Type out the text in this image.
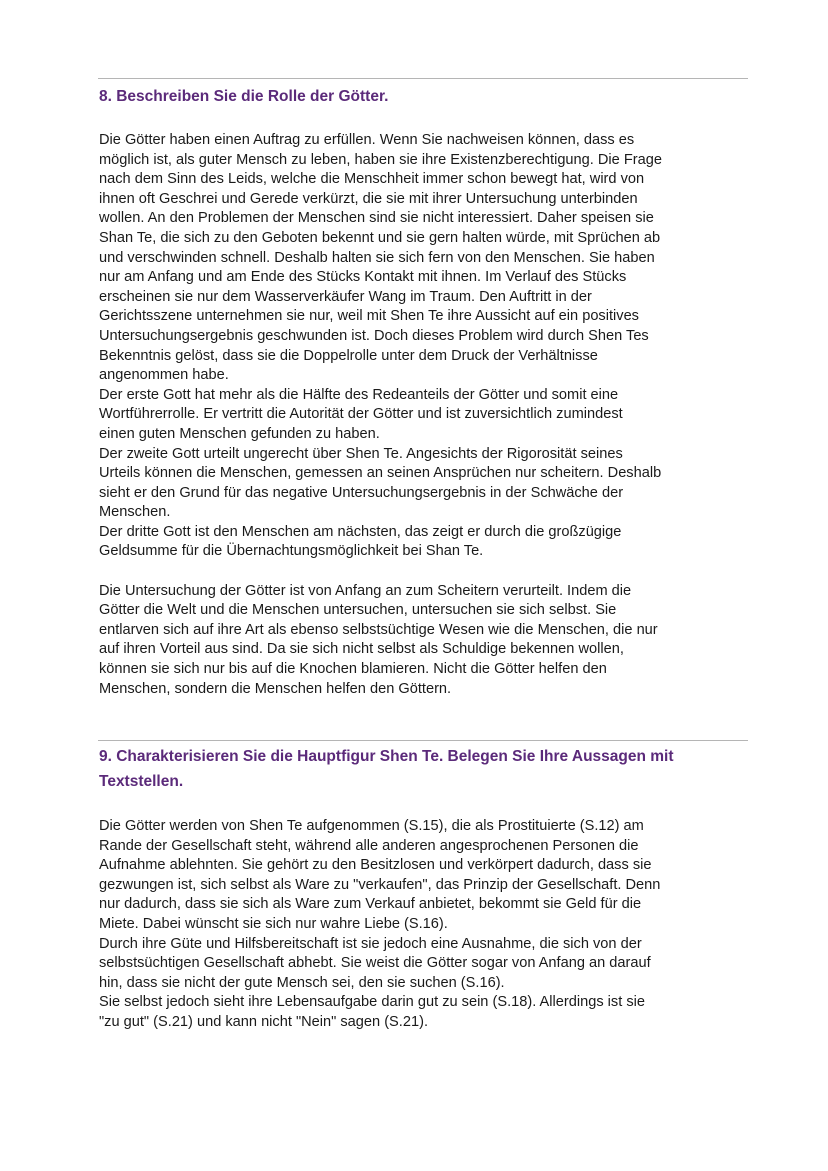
8. Beschreiben Sie die Rolle der Götter.

Die Götter haben einen Auftrag zu erfüllen. Wenn Sie nachweisen können, dass es
möglich ist, als guter Mensch zu leben, haben sie ihre Existenzberechtigung. Die Frage
nach dem Sinn des Leids, welche die Menschheit immer schon bewegt hat, wird von
ihnen oft Geschrei und Gerede verkürzt, die sie mit ihrer Untersuchung unterbinden
wollen. An den Problemen der Menschen sind sie nicht interessiert. Daher speisen sie
Shan Te, die sich zu den Geboten bekennt und sie gern halten würde, mit Sprüchen ab
und verschwinden schnell. Deshalb halten sie sich fern von den Menschen. Sie haben
nur am Anfang und am Ende des Stücks Kontakt mit ihnen. Im Verlauf des Stücks
erscheinen sie nur dem Wasserverkäufer Wang im Traum. Den Auftritt in der
Gerichtsszene unternehmen sie nur, weil mit Shen Te ihre Aussicht auf ein positives
Untersuchungsergebnis geschwunden ist. Doch dieses Problem wird durch Shen Tes
Bekenntnis gelöst, dass sie die Doppelrolle unter dem Druck der Verhältnisse
angenommen habe.

Der erste Gott hat mehr als die Hälfte des Redeanteils der Götter und somit eine
Wortführerrolle. Er vertritt die Autorität der Götter und ist zuversichtlich zumindest
einen guten Menschen gefunden zu haben.

Der zweite Gott urteilt ungerecht über Shen Te. Angesichts der Rigorosität seines
Urteils können die Menschen, gemessen an seinen Ansprüchen nur scheitern. Deshalb
sieht er den Grund für das negative Untersuchungsergebnis in der Schwäche der
Menschen.

Der dritte Gott ist den Menschen am nächsten, das zeigt er durch die großzügige
Geldsumme für die Übernachtungsmöglichkeit bei Shan Te.

Die Untersuchung der Götter ist von Anfang an zum Scheitern verurteilt. Indem die
Götter die Welt und die Menschen untersuchen, untersuchen sie sich selbst. Sie
entlarven sich auf ihre Art als ebenso selbstsüchtige Wesen wie die Menschen, die nur
auf ihren Vorteil aus sind. Da sie sich nicht selbst als Schuldige bekennen wollen,
können sie sich nur bis auf die Knochen blamieren. Nicht die Götter helfen den
Menschen, sondern die Menschen helfen den Göttern.

9. Charakterisieren Sie die Hauptfigur Shen Te. Belegen Sie Ihre Aussagen mit
Textstellen.

Die Götter werden von Shen Te aufgenommen (S.15), die als Prostituierte (S.12) am
Rande der Gesellschaft steht, während alle anderen angesprochenen Personen die
Aufnahme ablehnten. Sie gehört zu den Besitzlosen und verkörpert dadurch, dass sie
gezwungen ist, sich selbst als Ware zu "verkaufen", das Prinzip der Gesellschaft. Denn
nur dadurch, dass sie sich als Ware zum Verkauf anbietet, bekommt sie Geld für die
Miete. Dabei wünscht sie sich nur wahre Liebe (S.16).

Durch ihre Güte und Hilfsbereitschaft ist sie jedoch eine Ausnahme, die sich von der
selbstsüchtigen Gesellschaft abhebt. Sie weist die Götter sogar von Anfang an darauf
hin, dass sie nicht der gute Mensch sei, den sie suchen (S.16).

Sie selbst jedoch sieht ihre Lebensaufgabe darin gut zu sein (S.18). Allerdings ist sie
"zu gut" (S.21) und kann nicht "Nein" sagen (S.21).
